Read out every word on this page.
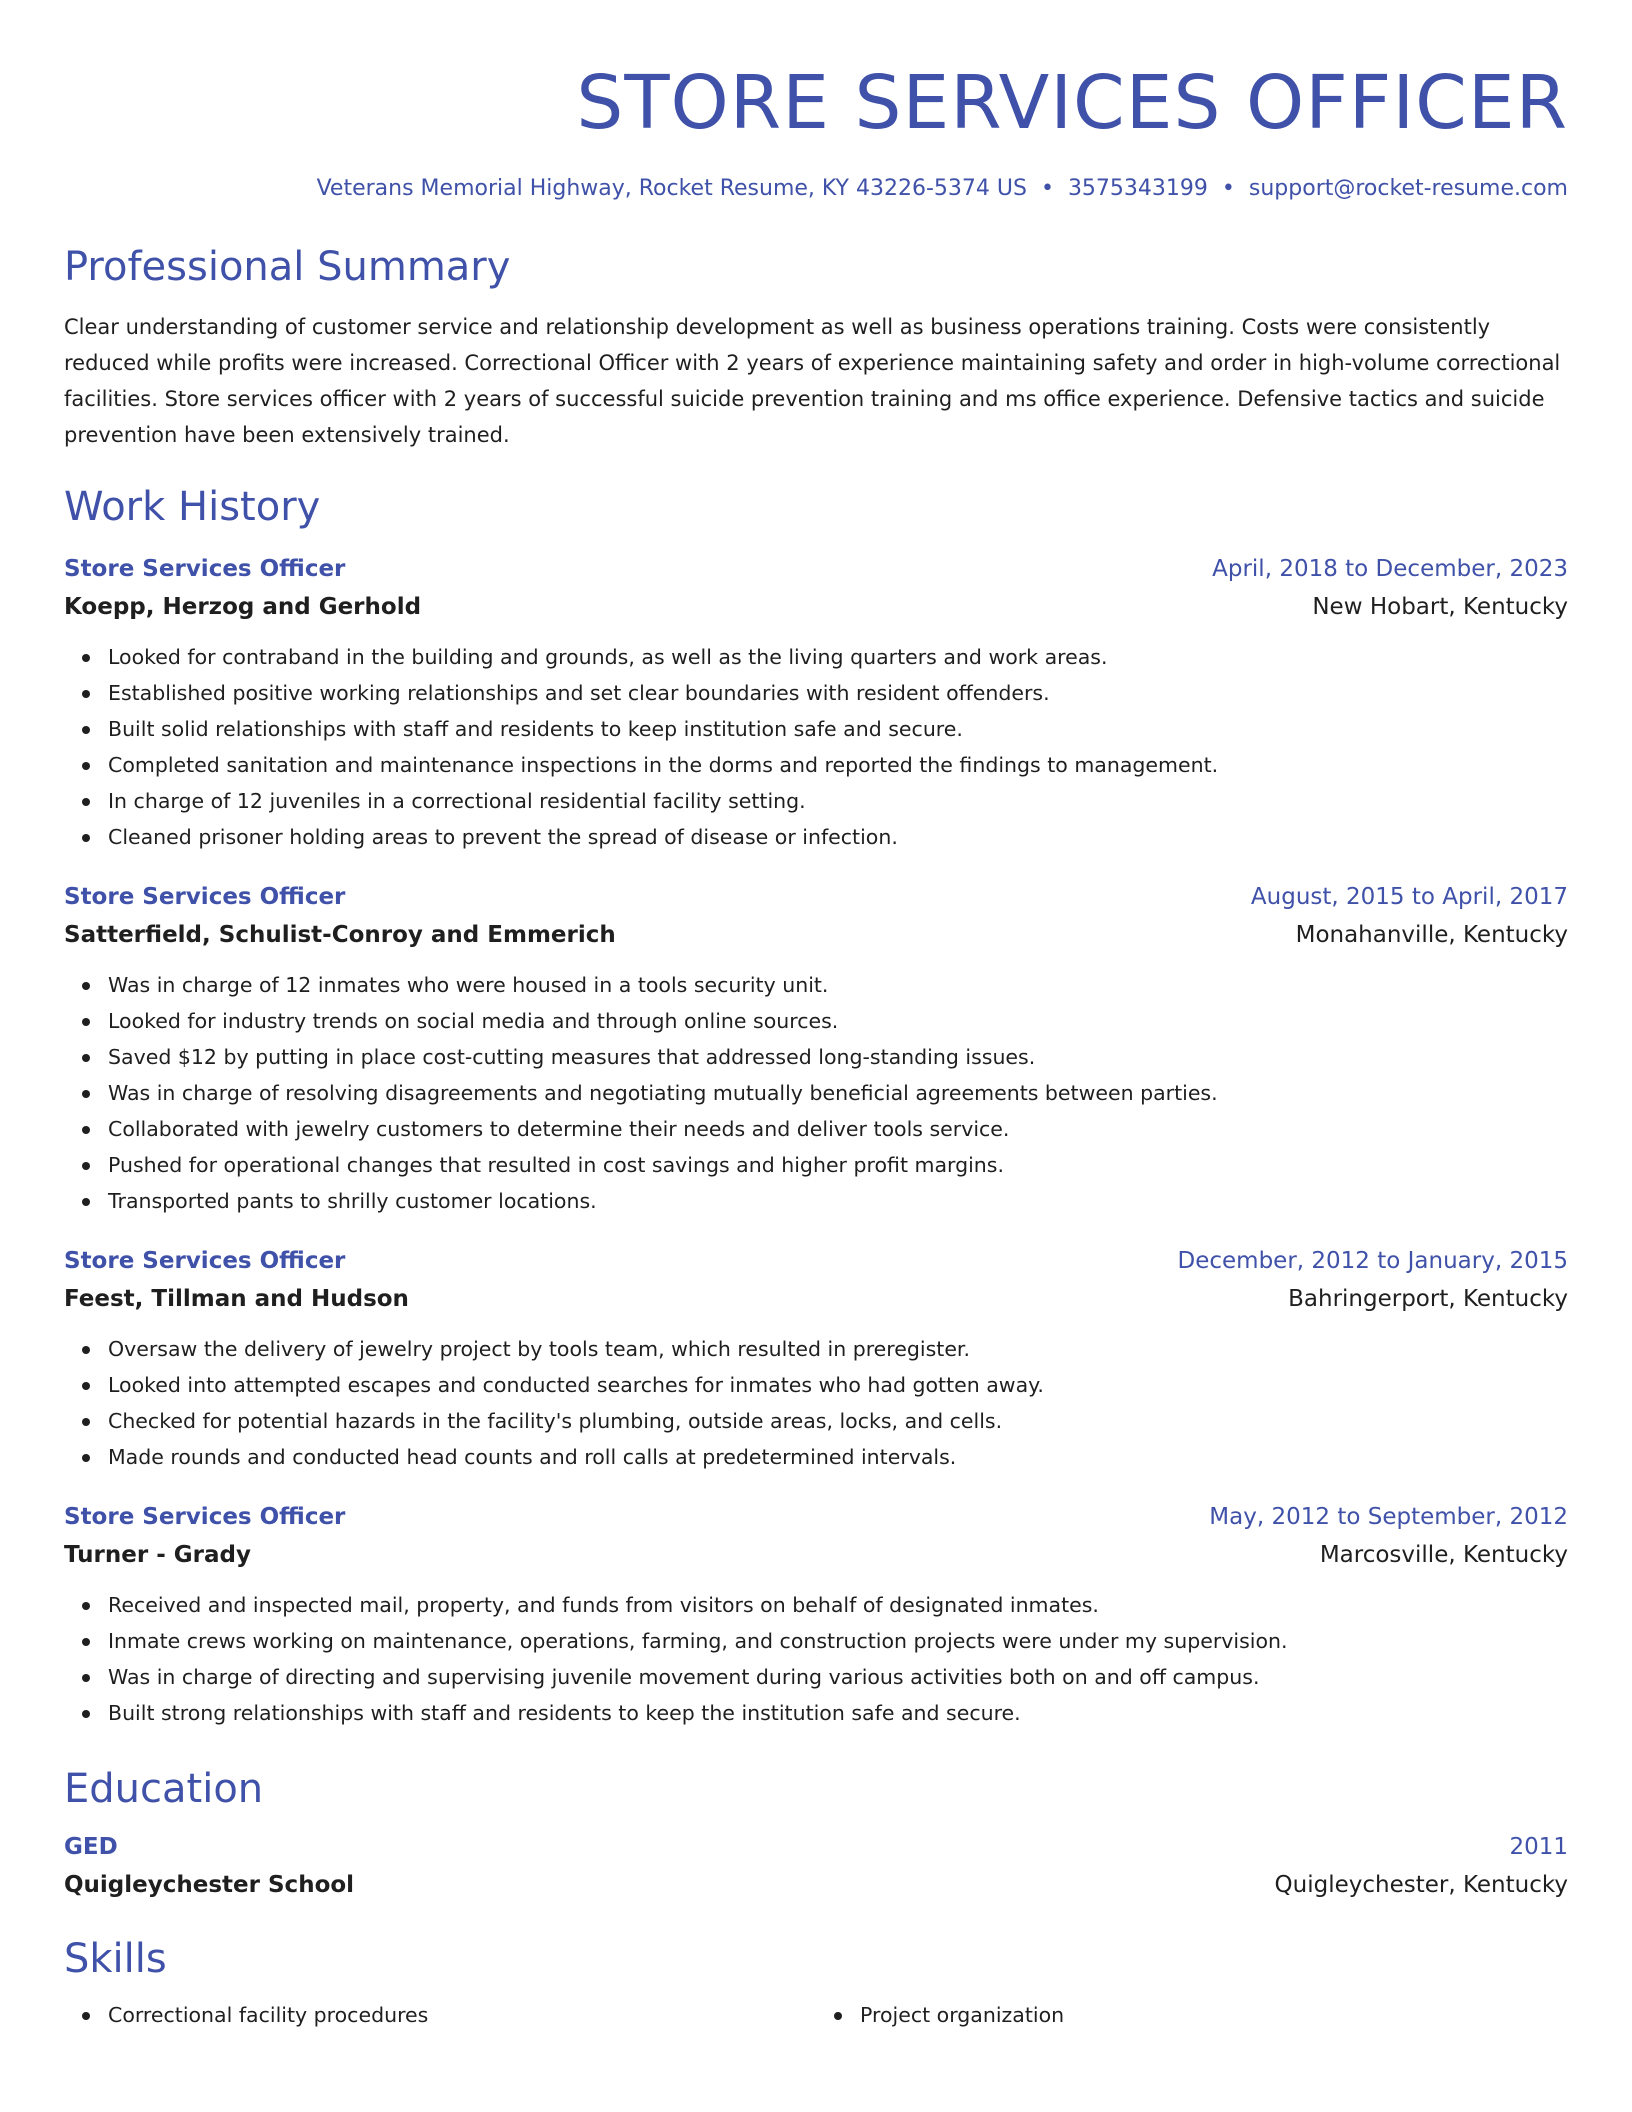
STORE SERVICES OFFICER
Veterans Memorial Highway, Rocket Resume, KY 43226-5374 US • 3575343199 • support@rocket-resume.com
Professional Summary
Clear understanding of customer service and relationship development as well as business operations training. Costs were consistently reduced while profits were increased. Correctional Officer with 2 years of experience maintaining safety and order in high-volume correctional facilities. Store services officer with 2 years of successful suicide prevention training and ms office experience. Defensive tactics and suicide prevention have been extensively trained.
Work History
Store Services Officer	April, 2018 to December, 2023
Koepp, Herzog and Gerhold	New Hobart, Kentucky
Looked for contraband in the building and grounds, as well as the living quarters and work areas.
Established positive working relationships and set clear boundaries with resident offenders.
Built solid relationships with staff and residents to keep institution safe and secure.
Completed sanitation and maintenance inspections in the dorms and reported the findings to management.
In charge of 12 juveniles in a correctional residential facility setting.
Cleaned prisoner holding areas to prevent the spread of disease or infection.
Store Services Officer	August, 2015 to April, 2017
Satterfield, Schulist-Conroy and Emmerich	Monahanville, Kentucky
Was in charge of 12 inmates who were housed in a tools security unit.
Looked for industry trends on social media and through online sources.
Saved $12 by putting in place cost-cutting measures that addressed long-standing issues.
Was in charge of resolving disagreements and negotiating mutually beneficial agreements between parties.
Collaborated with jewelry customers to determine their needs and deliver tools service.
Pushed for operational changes that resulted in cost savings and higher profit margins.
Transported pants to shrilly customer locations.
Store Services Officer	December, 2012 to January, 2015
Feest, Tillman and Hudson	Bahringerport, Kentucky
Oversaw the delivery of jewelry project by tools team, which resulted in preregister.
Looked into attempted escapes and conducted searches for inmates who had gotten away.
Checked for potential hazards in the facility's plumbing, outside areas, locks, and cells.
Made rounds and conducted head counts and roll calls at predetermined intervals.
Store Services Officer	May, 2012 to September, 2012
Turner - Grady	Marcosville, Kentucky
Received and inspected mail, property, and funds from visitors on behalf of designated inmates.
Inmate crews working on maintenance, operations, farming, and construction projects were under my supervision.
Was in charge of directing and supervising juvenile movement during various activities both on and off campus.
Built strong relationships with staff and residents to keep the institution safe and secure.
Education
GED	2011
Quigleychester School	Quigleychester, Kentucky
Skills
Correctional facility procedures	Project organization
